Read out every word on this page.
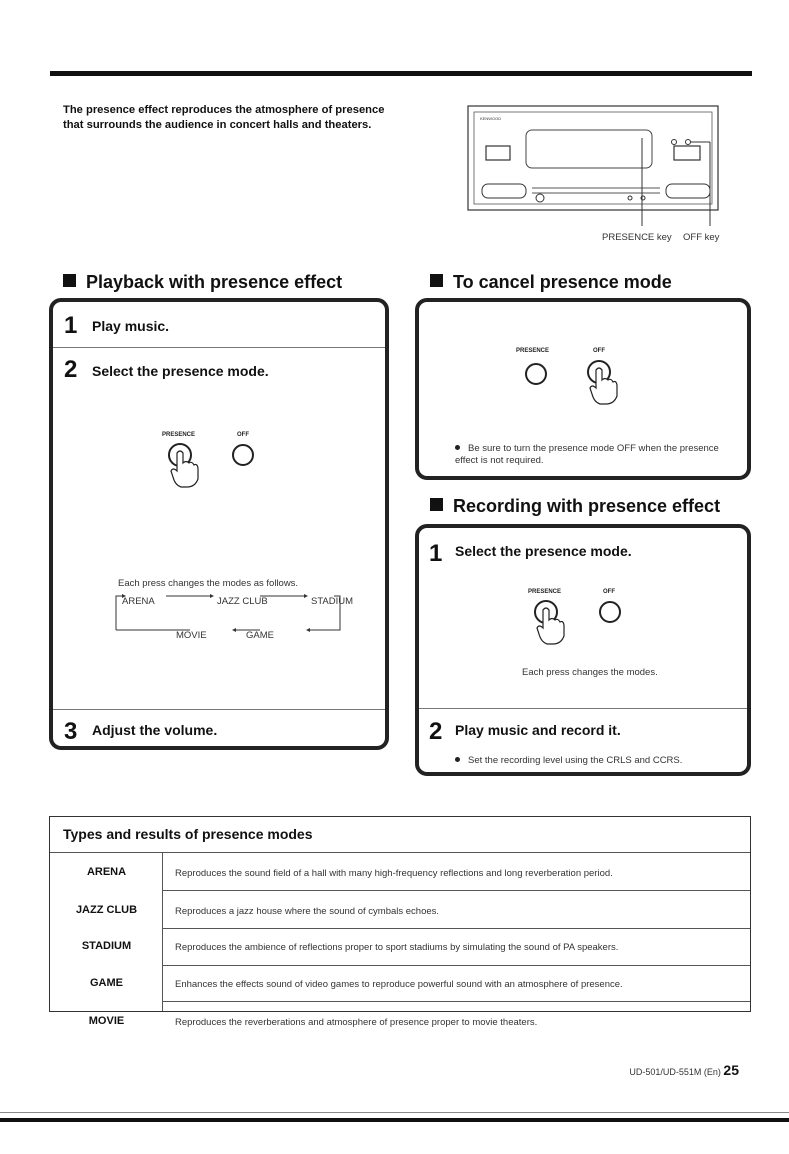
The presence effect reproduces the atmosphere of presence that surrounds the audience in concert halls and theaters.
KENWOOD
PRESENCE key OFF key
Playback with presence effect
1 Play music.
2 Select the presence mode.
PRESENCE	OFF
Each press changes the modes as follows.
ARENA	JAZZ CLUB	STADIUM
MOVIE	GAME
3 Adjust the volume.
To cancel presence mode
PRESENCE	OFF
Be sure to turn the presence mode OFF when the presence effect is not required.
Recording with presence effect
1 Select the presence mode.
PRESENCE	OFF
Each press changes the modes.
2 Play music and record it.
Set the recording level using the CRLS and CCRS.
Types and results of presence modes
ARENA	Reproduces the sound field of a hall with many high-frequency reflections and long reverberation period.
JAZZ CLUB	Reproduces a jazz house where the sound of cymbals echoes.
STADIUM	Reproduces the ambience of reflections proper to sport stadiums by simulating the sound of PA speakers.
GAME	Enhances the effects sound of video games to reproduce powerful sound with an atmosphere of presence.
MOVIE	Reproduces the reverberations and atmosphere of presence proper to movie theaters.
UD-501/UD-551M (En) 25
